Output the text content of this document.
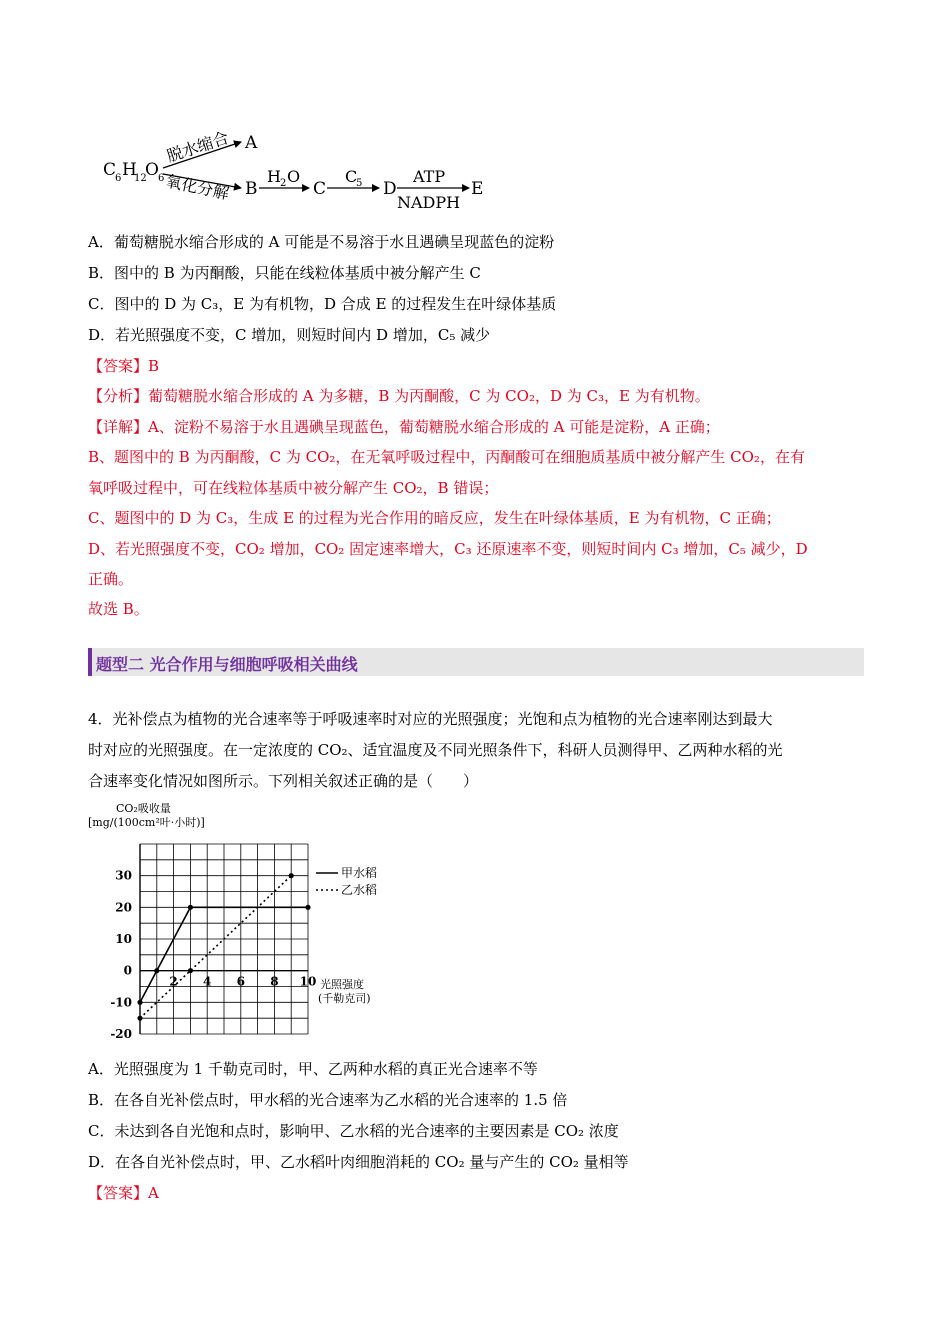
C
6 H
12
O 6
脱水缩合 A
氧化分解 B
H 2 O
C
C
5 D
ATP
NADPH
E
A．葡萄糖脱水缩合形成的 A 可能是不易溶于水且遇碘呈现蓝色的淀粉
B．图中的 B 为丙酮酸，只能在线粒体基质中被分解产生 C
C．图中的 D 为 C₃，E 为有机物，D 合成 E 的过程发生在叶绿体基质
D．若光照强度不变，C 增加，则短时间内 D 增加，C₅ 减少
【答案】B
【分析】葡萄糖脱水缩合形成的 A 为多糖，B 为丙酮酸，C 为 CO₂，D 为 C₃，E 为有机物。
【详解】A、淀粉不易溶于水且遇碘呈现蓝色，葡萄糖脱水缩合形成的 A 可能是淀粉，A 正确；
B、题图中的 B 为丙酮酸，C 为 CO₂，在无氧呼吸过程中，丙酮酸可在细胞质基质中被分解产生 CO₂，在有
氧呼吸过程中，可在线粒体基质中被分解产生 CO₂，B 错误；
C、题图中的 D 为 C₃，生成 E 的过程为光合作用的暗反应，发生在叶绿体基质，E 为有机物，C 正确；
D、若光照强度不变，CO₂ 增加，CO₂ 固定速率增大，C₃ 还原速率不变，则短时间内 C₃ 增加，C₅ 减少，D
正确。
故选 B。
题型二 光合作用与细胞呼吸相关曲线
4．光补偿点为植物的光合速率等于呼吸速率时对应的光照强度；光饱和点为植物的光合速率刚达到最大
时对应的光照强度。在一定浓度的 CO₂、适宜温度及不同光照条件下，科研人员测得甲、乙两种水稻的光
合速率变化情况如图所示。下列相关叙述正确的是（　　）
CO₂吸收量
[mg/(100cm²叶·小时)]
30
20
10
0
-10
-20
2 4 6 8 10 光照强度
(千勒克司)
甲水稻
乙水稻
A．光照强度为 1 千勒克司时，甲、乙两种水稻的真正光合速率不等
B．在各自光补偿点时，甲水稻的光合速率为乙水稻的光合速率的 1.5 倍
C．未达到各自光饱和点时，影响甲、乙水稻的光合速率的主要因素是 CO₂ 浓度
D．在各自光补偿点时，甲、乙水稻叶肉细胞消耗的 CO₂ 量与产生的 CO₂ 量相等
【答案】A
